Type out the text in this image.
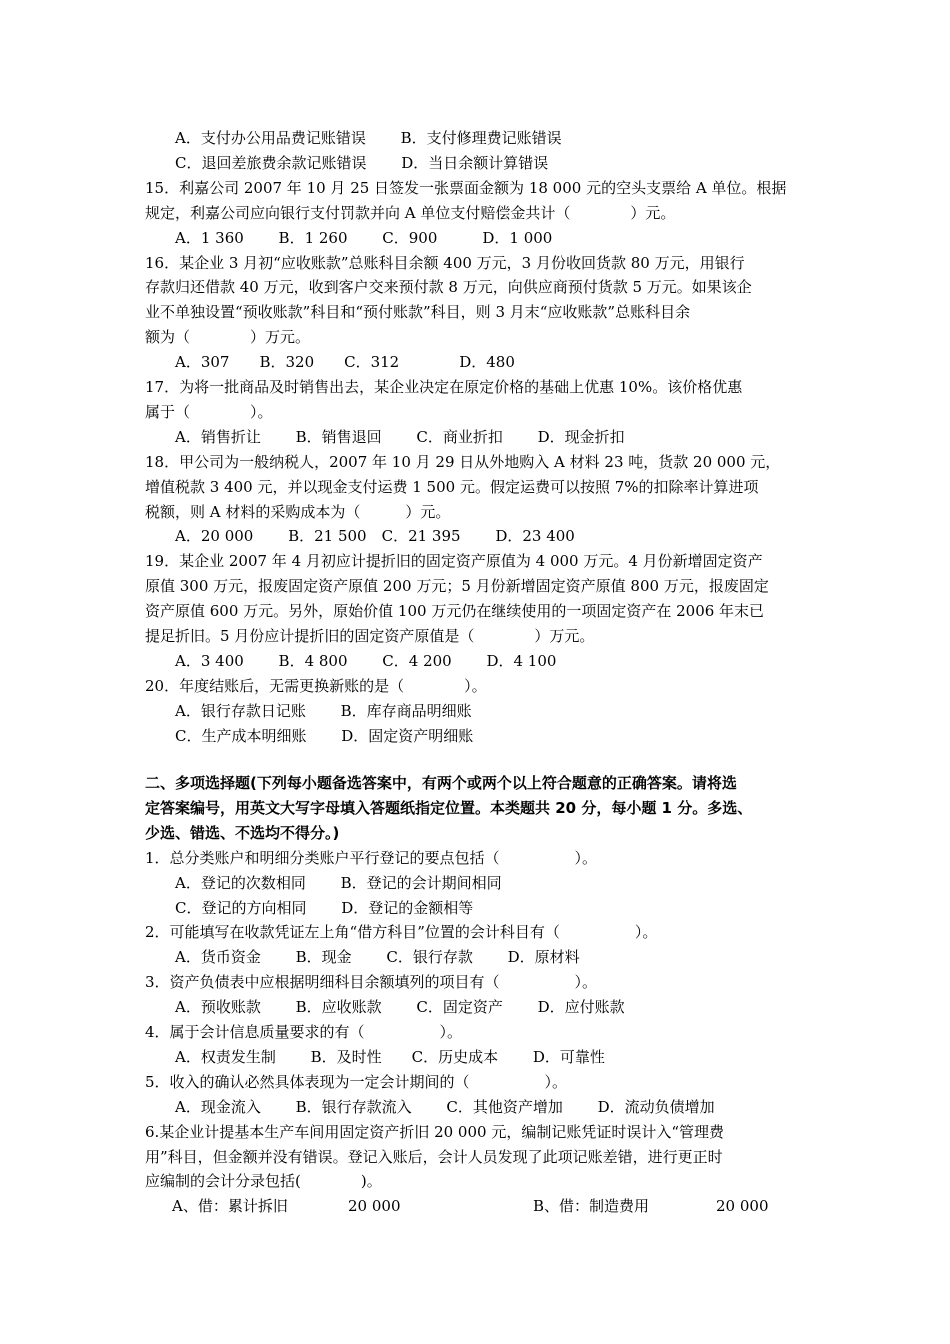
A．支付办公用品费记账错误　　 B．支付修理费记账错误
C．退回差旅费余款记账错误　　 D．当日余额计算错误
15．利嘉公司 2007 年 10 月 25 日签发一张票面金额为 18 000 元的空头支票给 A 单位。根据
规定，利嘉公司应向银行支付罚款并向 A 单位支付赔偿金共计（　　　　）元。
A．1 360　　 B．1 260　　 C．900　　　D．1 000
16．某企业 3 月初“应收账款”总账科目余额 400 万元，3 月份收回货款 80 万元，用银行
存款归还借款 40 万元，收到客户交来预付款 8 万元，向供应商预付货款 5 万元。如果该企
业不单独设置“预收账款”科目和“预付账款”科目，则 3 月末“应收账款”总账科目余
额为（　　　　）万元。
A．307　　B．320　　C．312　　　　D．480
17．为将一批商品及时销售出去，某企业决定在原定价格的基础上优惠 10%。该价格优惠
属于（　　　　）。
A．销售折让　　 B．销售退回　　 C．商业折扣　　 D．现金折扣
18．甲公司为一般纳税人，2007 年 10 月 29 日从外地购入 A 材料 23 吨，货款 20 000 元，
增值税款 3 400 元，并以现金支付运费 1 500 元。假定运费可以按照 7%的扣除率计算进项
税额，则 A 材料的采购成本为（　　　）元。
A．20 000　　 B．21 500　C．21 395　　 D．23 400
19．某企业 2007 年 4 月初应计提折旧的固定资产原值为 4 000 万元。4 月份新增固定资产
原值 300 万元，报废固定资产原值 200 万元；5 月份新增固定资产原值 800 万元，报废固定
资产原值 600 万元。另外，原始价值 100 万元仍在继续使用的一项固定资产在 2006 年末已
提足折旧。5 月份应计提折旧的固定资产原值是（　　　　）万元。
A．3 400　　 B．4 800　　 C．4 200　　 D．4 100
20．年度结账后，无需更换新账的是（　　　　）。
A．银行存款日记账　　 B．库存商品明细账
C．生产成本明细账　　 D．固定资产明细账
二、多项选择题(下列每小题备选答案中，有两个或两个以上符合题意的正确答案。请将选
定答案编号，用英文大写字母填入答题纸指定位置。本类题共 20 分，每小题 1 分。多选、
少选、错选、不选均不得分。)
1．总分类账户和明细分类账户平行登记的要点包括（　　　　　）。
A．登记的次数相同　　 B．登记的会计期间相同
C．登记的方向相同　　 D．登记的金额相等
2．可能填写在收款凭证左上角“借方科目”位置的会计科目有（　　　　　）。
A．货币资金　　 B．现金　　 C．银行存款　　 D．原材料
3．资产负债表中应根据明细科目余额填列的项目有（　　　　　）。
A．预收账款　　 B．应收账款　　 C．固定资产　　 D．应付账款
4．属于会计信息质量要求的有（　　　　　）。
A．权责发生制　　 B．及时性　　C．历史成本　　 D．可靠性
5．收入的确认必然具体表现为一定会计期间的（　　　　　）。
A．现金流入　　 B．银行存款流入　　 C．其他资产增加　　 D．流动负债增加
6.某企业计提基本生产车间用固定资产折旧 20 000 元，编制记账凭证时误计入“管理费
用”科目，但金额并没有错误。登记入账后，会计人员发现了此项记账差错，进行更正时
应编制的会计分录包括(　　　　)。
A、借：累计拆旧	20 000	B、借：制造费用	20 000
